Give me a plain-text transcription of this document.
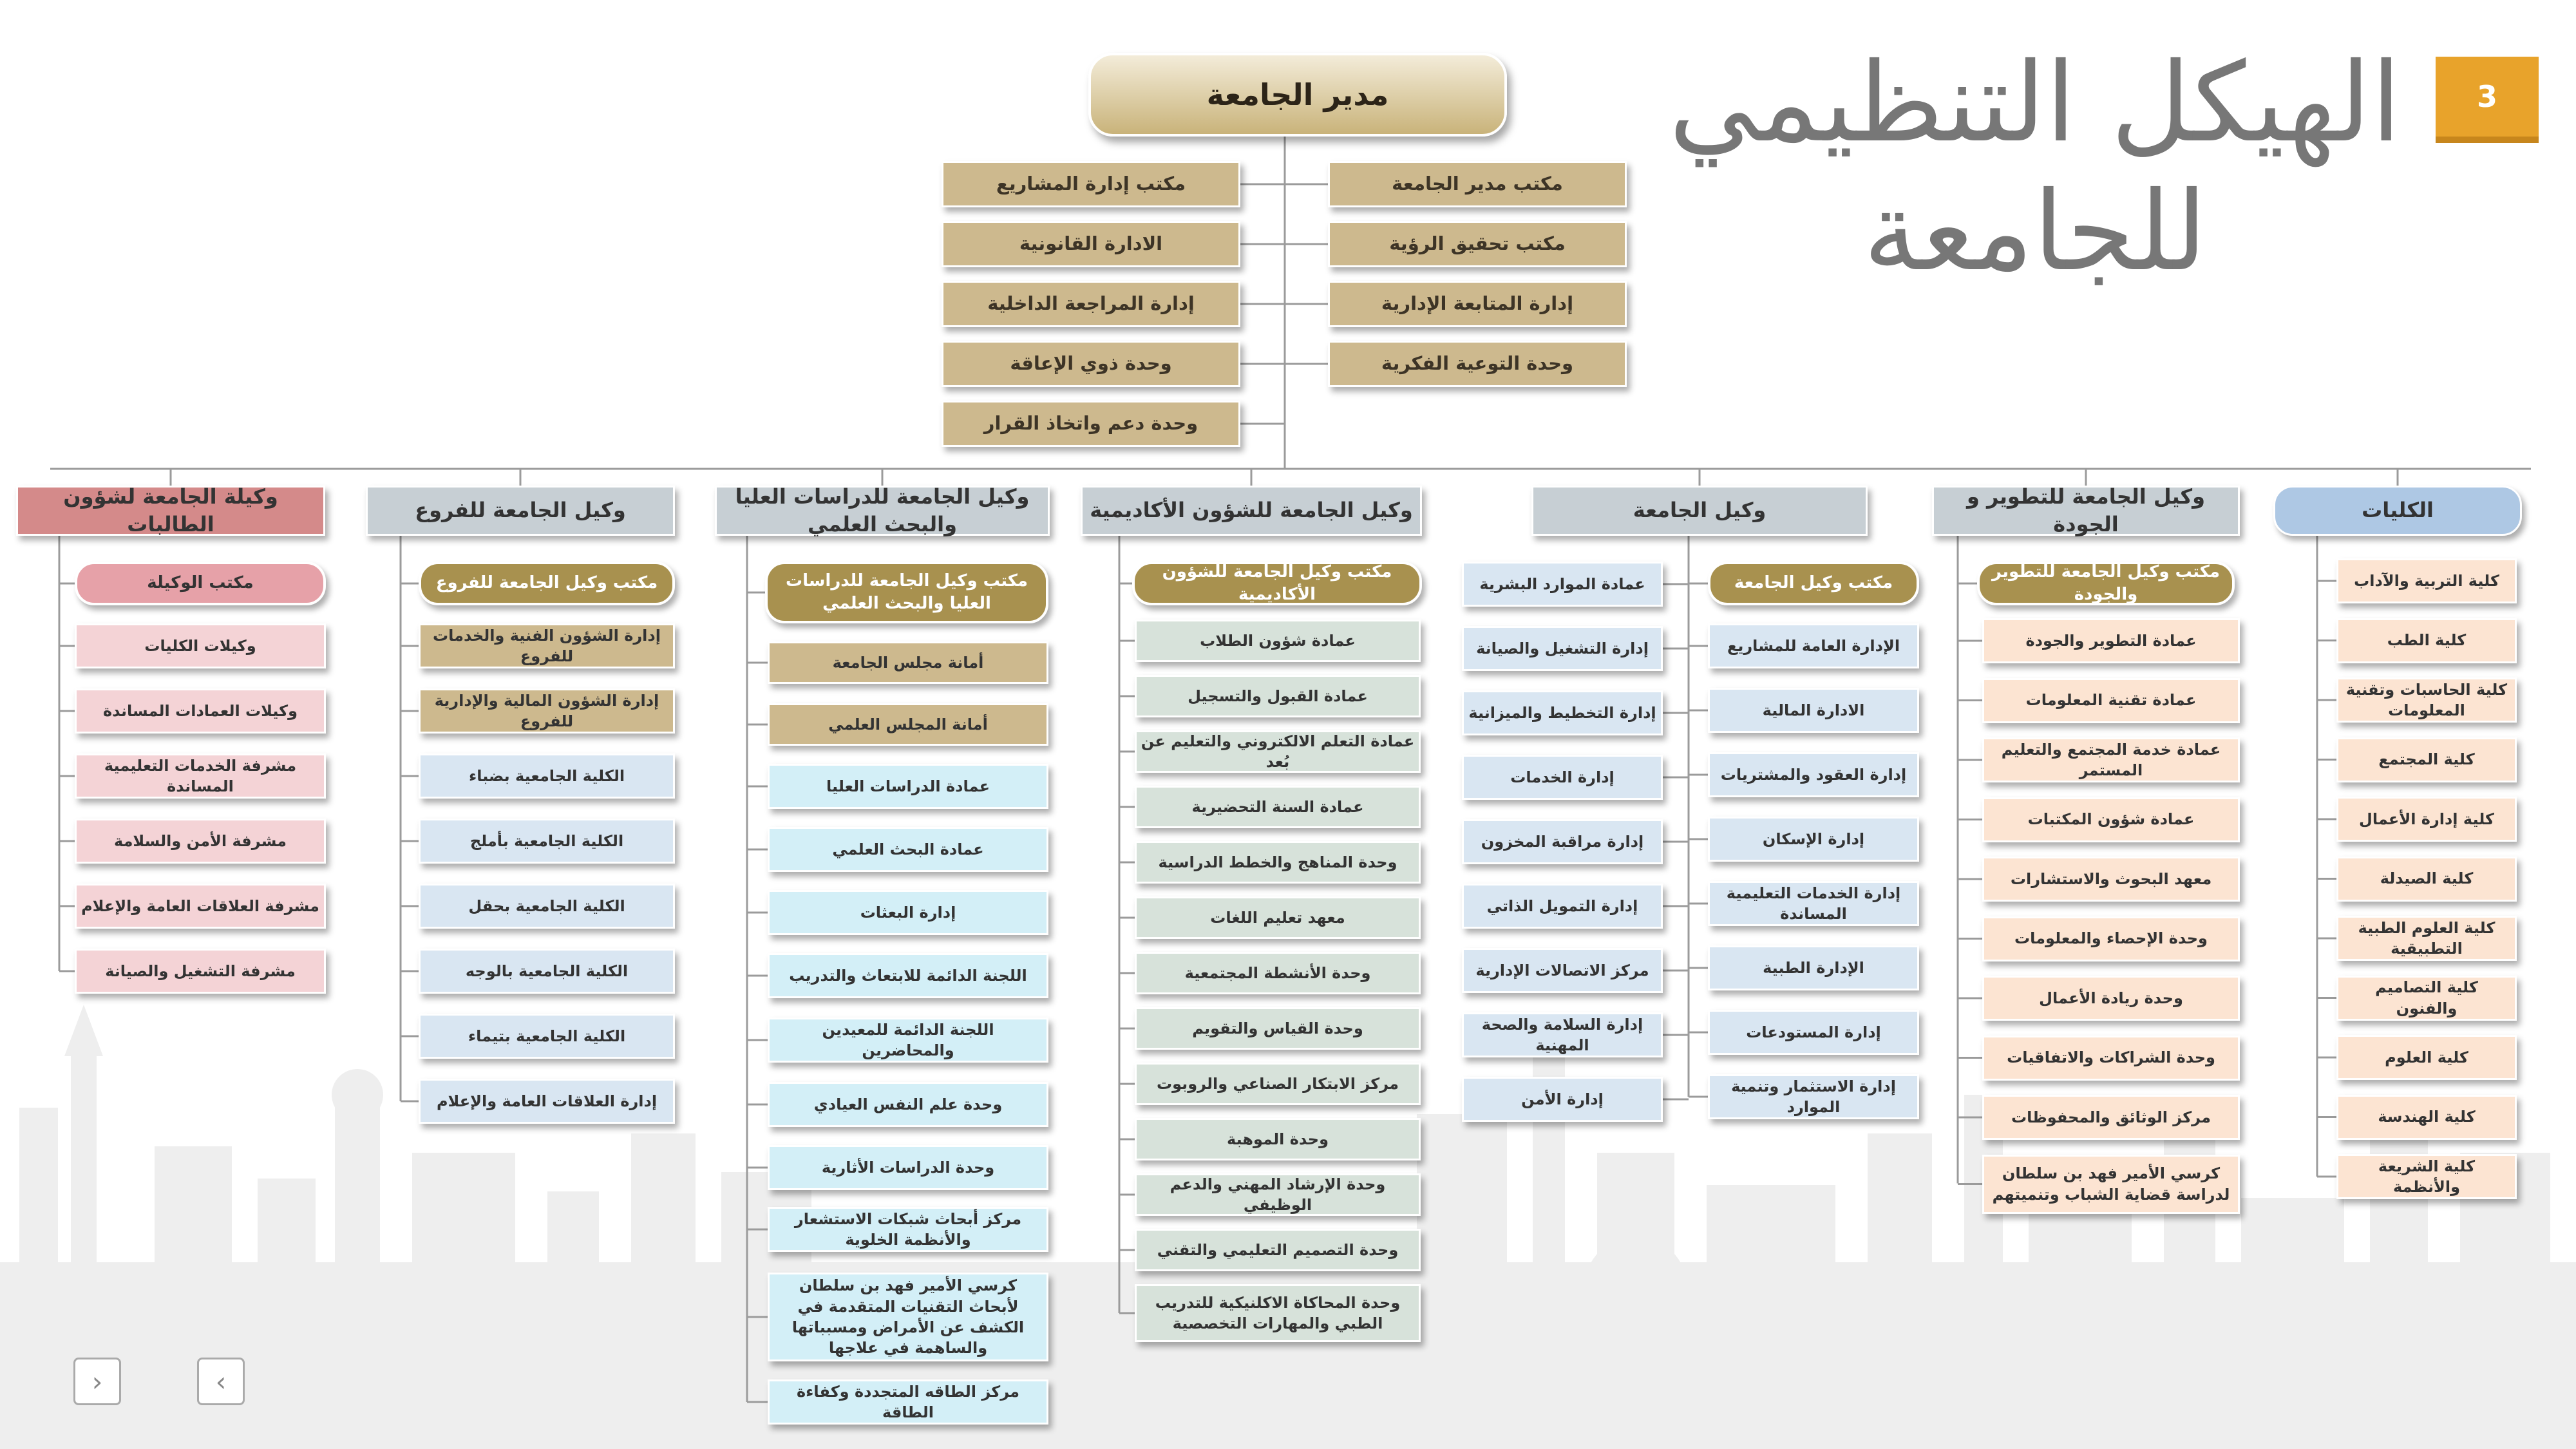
3
الهيكل التنظيمي
للجامعة
مدير الجامعة
مكتب مدير الجامعة
مكتب تحقيق الرؤية
إدارة المتابعة الإدارية
وحدة التوعية الفكرية
مكتب إدارة المشاريع
الادارة القانونية
إدارة المراجعة الداخلية
وحدة ذوي الإعاقة
وحدة دعم واتخاذ القرار
الكليات
وكيل الجامعة للتطوير و الجودة
وكيل الجامعة
وكيل الجامعة للشؤون الأكاديمية
وكيل الجامعة للدراسات العليا والبحث العلمي
وكيل الجامعة للفروع
وكيلة الجامعة لشؤون الطالبات
كلية التربية والآداب
كلية الطب
كلية الحاسبات وتقنية المعلومات
كلية المجتمع
كلية إدارة الأعمال
كلية الصيدلة
كلية العلوم الطبية التطبيقية
كلية التصاميم والفنون
كلية العلوم
كلية الهندسة
كلية الشريعة والأنظمة
مكتب وكيل الجامعة للتطوير والجودة
عمادة التطوير والجودة
عمادة تقنية المعلومات
عمادة خدمة المجتمع والتعليم المستمر
عمادة شؤون المكتبات
معهد البحوث والاستشارات
وحدة الإحصاء والمعلومات
وحدة ريادة الأعمال
وحدة الشراكات والاتفاقيات
مركز الوثائق والمحفوظات
كرسي الأمير فهد بن سلطان لدراسة قضاية الشباب وتنميتهم
مكتب وكيل الجامعة
الإدارة العامة للمشاريع
الادارة المالية
إدارة العقود والمشتريات
إدارة الإسكان
إدارة الخدمات التعليمية المساندة
الإدارة الطبية
إدارة المستودعات
إدارة الاستثمار وتنمية الموارد
عمادة الموارد البشرية
إدارة التشغيل والصيانة
إدارة التخطيط والميزانية
إدارة الخدمات
إدارة مراقبة المخزون
إدارة التمويل الذاتي
مركز الاتصالات الإدارية
إدارة السلامة والصحة المهنية
إدارة الأمن
مكتب وكيل الجامعة للشؤون الأكاديمية
عمادة شؤون الطلاب
عمادة القبول والتسجيل
عمادة التعلم الالكتروني والتعليم عن بُعد
عمادة السنة التحضيرية
وحدة المناهج والخطط الدراسية
معهد تعليم اللغات
وحدة الأنشطة المجتمعية
وحدة القياس والتقويم
مركز الابتكار الصناعي والروبوت
وحدة الموهبة
وحدة الإرشاد المهني والدعم الوظيفي
وحدة التصميم التعليمي والتقني
وحدة المحاكاة الاكلنيكية للتدريب الطبي والمهارات التخصصية
مكتب وكيل الجامعة للدراسات العليا والبحث العلمي
أمانة مجلس الجامعة
أمانة المجلس العلمي
عمادة الدراسات العليا
عمادة البحث العلمي
إدارة البعثات
اللجنة الدائمة للابتعاث والتدريب
اللجنة الدائمة للمعيدين والمحاضرين
وحدة علم النفس العيادي
وحدة الدراسات الأثارية
مركز أبحاث شبكات الاستشعار والأنظمة الخلوية
كرسي الأمير فهد بن سلطان لأبحاث التقنيات المتقدمة في الكشف عن الأمراض ومسبباتها والساهمة في علاجها
مركز الطاقه المتجددة وكفاءة الطاقة
مكتب وكيل الجامعة للفروع
إدارة الشؤون الفنية والخدمات للفروع
إدارة الشؤون المالية والإدارية للفروع
الكلية الجامعية بضباء
الكلية الجامعية بأملج
الكلية الجامعية بحقل
الكلية الجامعية بالوجه
الكلية الجامعية بتيماء
إدارة العلاقات العامة والإعلام
مكتب الوكيلة
وكيلات الكليات
وكيلات العمادات المساندة
مشرفة الخدمات التعليمية المساندة
مشرفة الأمن والسلامة
مشرفة العلاقات العامة والإعلام
مشرفة التشغيل والصيانة
‹	›
